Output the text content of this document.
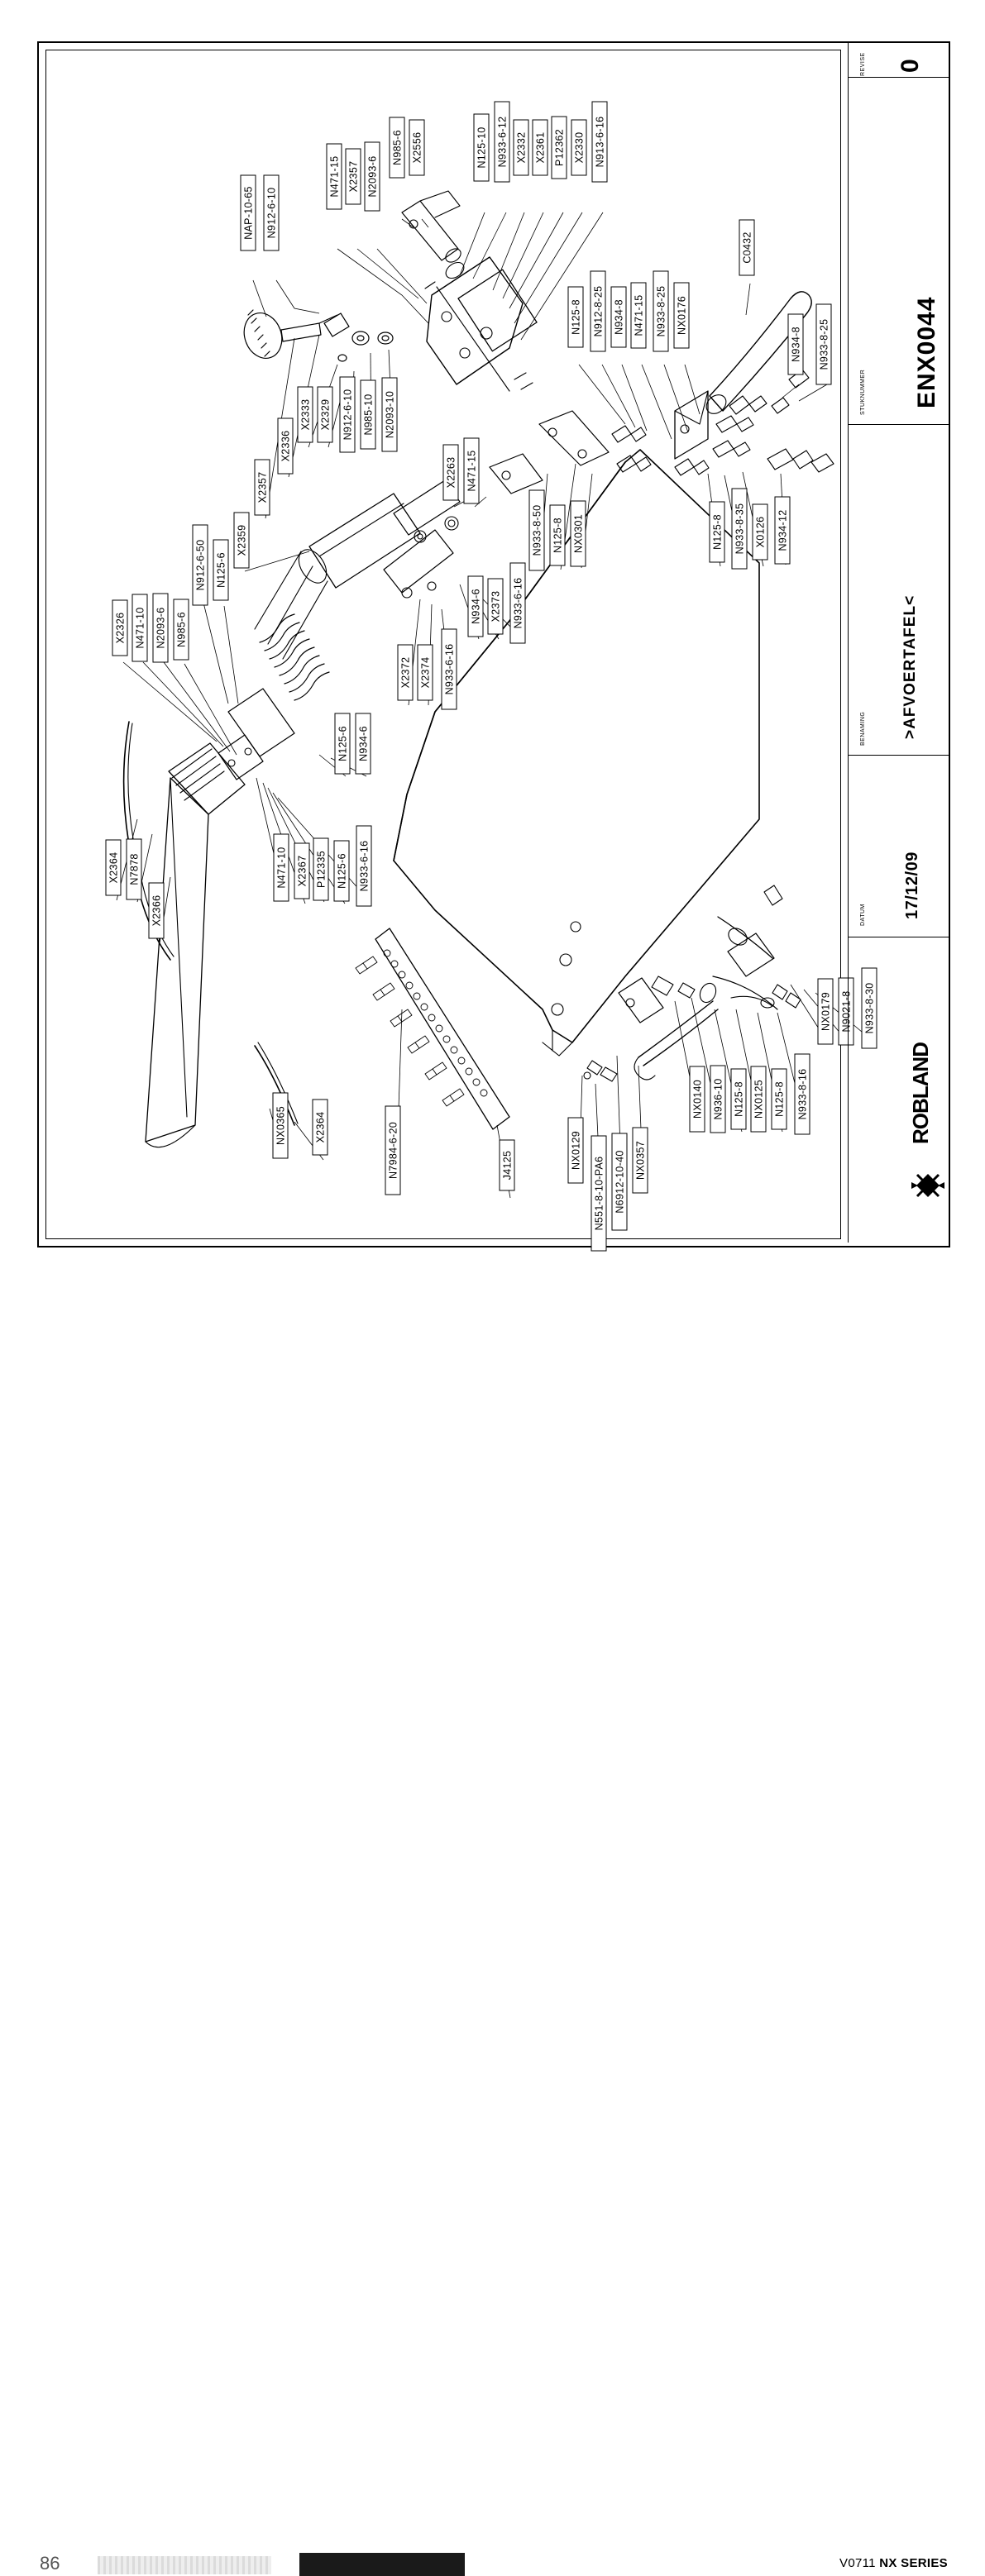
NAP-10-65 N912-6-10
N471-15 X2357 N2093-6
N985-6 X2556	N125-10 N933-6-12 X2332 X2361 P12362 X2330 N913-6-16
C0432
N125-8 N912-8-25 N934-8 N471-15 N933-8-25 NX0176
N934-8 N933-8-25
X2333 X2329 N912-6-10 N985-10 N2093-10
X2336
X2357
X2359
N912-6-50 N125-6
X2326 N471-10 N2093-6 N985-6
X2263 N471-15
N933-8-50 N125-8 NX0301	N125-8 N933-8-35 X0126 N934-12
N934-6 X2373 N933-6-16
X2372 X2374 N933-6-16
N125-6 N934-6
N471-10 X2367 P12335 N125-6 N933-6-16
X2364 N7878
X2366
NX0365	X2364	N7984-6-20	J4125	NX0129
N551-8-10-PA6 N6912-10-40 NX0357
NX0140 N936-10 N125-8 NX0125 N125-8 N933-8-16
NX0179 N9021-8 N933-8-30
REVISE 0
STUKNUMMER ENX0044
BENAMING >AFVOERTAFEL<
DATUM 17/12/09
ROBLAND
86	V0711 NX SERIES
